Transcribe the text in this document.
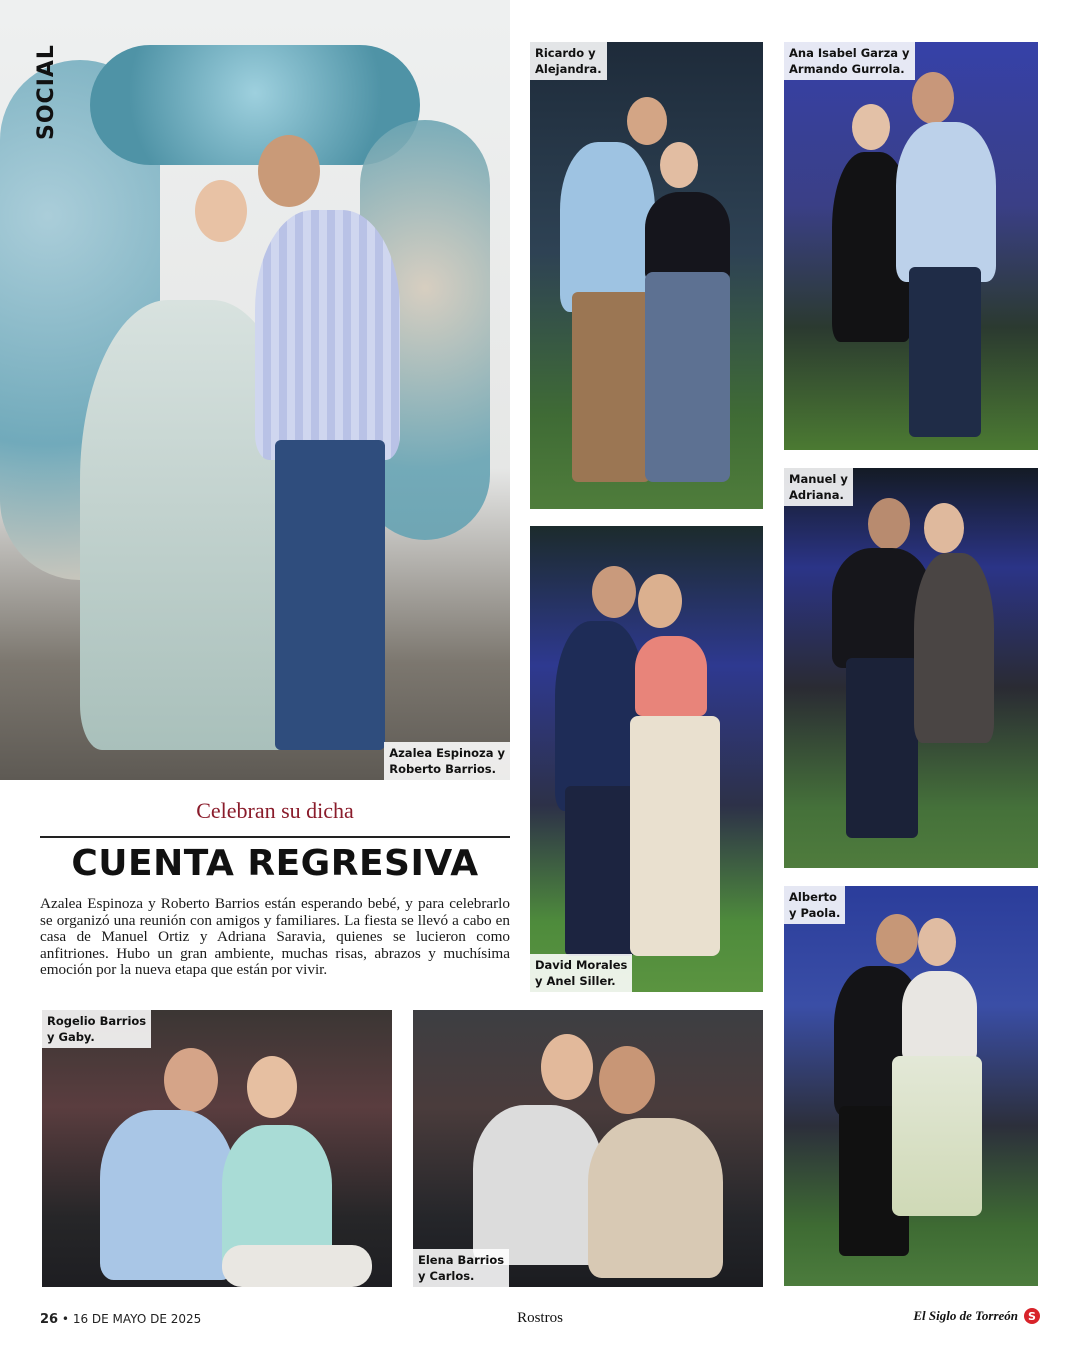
Azalea Espinoza y
Roberto Barrios.
SOCIAL	Ricardo y
Alejandra.
Ana Isabel Garza y
Armando Gurrola.
David Morales
y Anel Siller.
Manuel y
Adriana.
Alberto
y Paola.
Rogelio Barrios
y Gaby.
Elena Barrios
y Carlos.
Celebran su dicha
CUENTA REGRESIVA
Azalea Espinoza y Roberto Barrios están esperando bebé, y para celebrarlo se organizó una reunión con amigos y familiares. La fiesta se llevó a cabo en casa de Manuel Ortiz y Adriana Saravia, quienes se lucieron como anfitriones. Hubo un gran ambiente, muchas risas, abrazos y muchísima emoción por la nueva etapa que están por vivir.
26 • 16 DE MAYO DE 2025	Rostros	El Siglo de Torreón S
